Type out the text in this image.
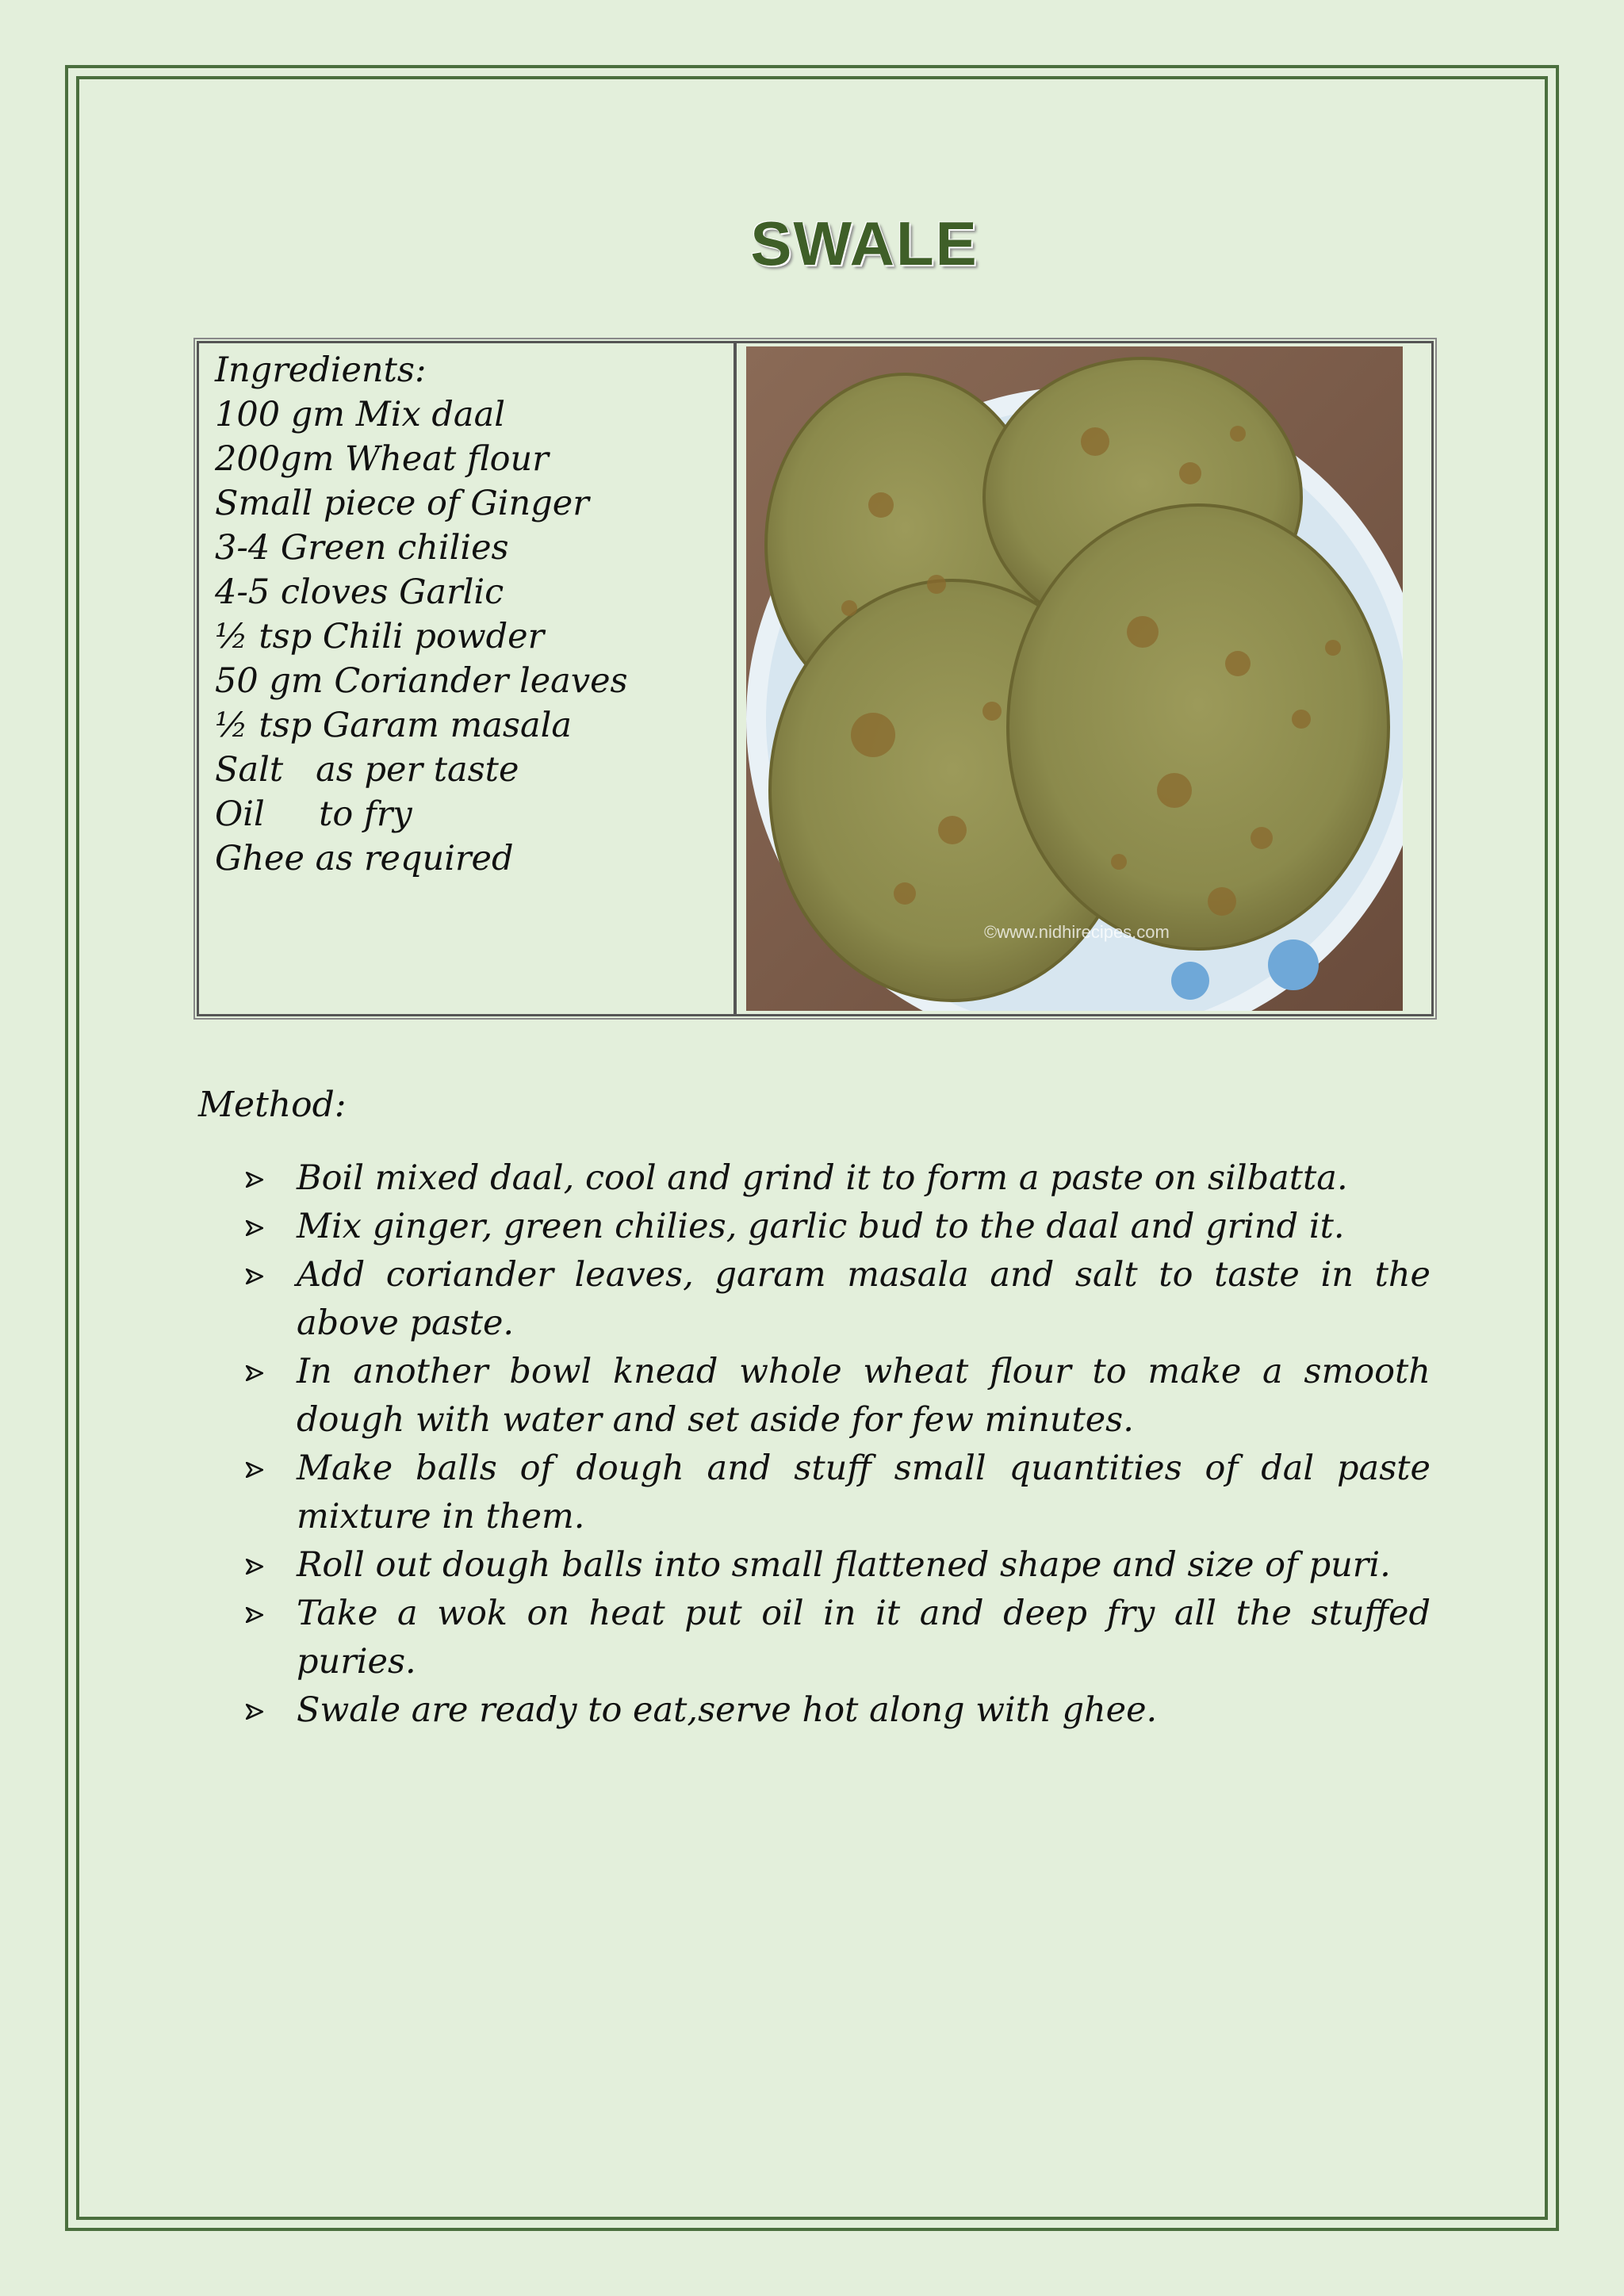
SWALE
Ingredients:
100 gm Mix daal
200gm Wheat flour
Small piece of Ginger
3-4 Green chilies
4-5 cloves Garlic
½ tsp Chili powder
50 gm Coriander leaves
½ tsp Garam masala
Salt   as per taste
Oil     to fry
Ghee as required
©www.nidhirecipes.com
Method:
Boil mixed daal, cool and grind it to form a paste on silbatta.
Mix ginger, green chilies, garlic bud to the daal and grind it.
Add coriander leaves, garam masala and salt to taste in the above paste.
In another bowl knead whole wheat flour to make a smooth dough with water and set aside for few minutes.
Make balls of dough and stuff small quantities of dal paste mixture in them.
Roll out dough balls into small flattened shape and size of puri.
Take a wok on heat put oil in it and deep fry all the stuffed puries.
Swale are ready to eat,serve hot along with ghee.
